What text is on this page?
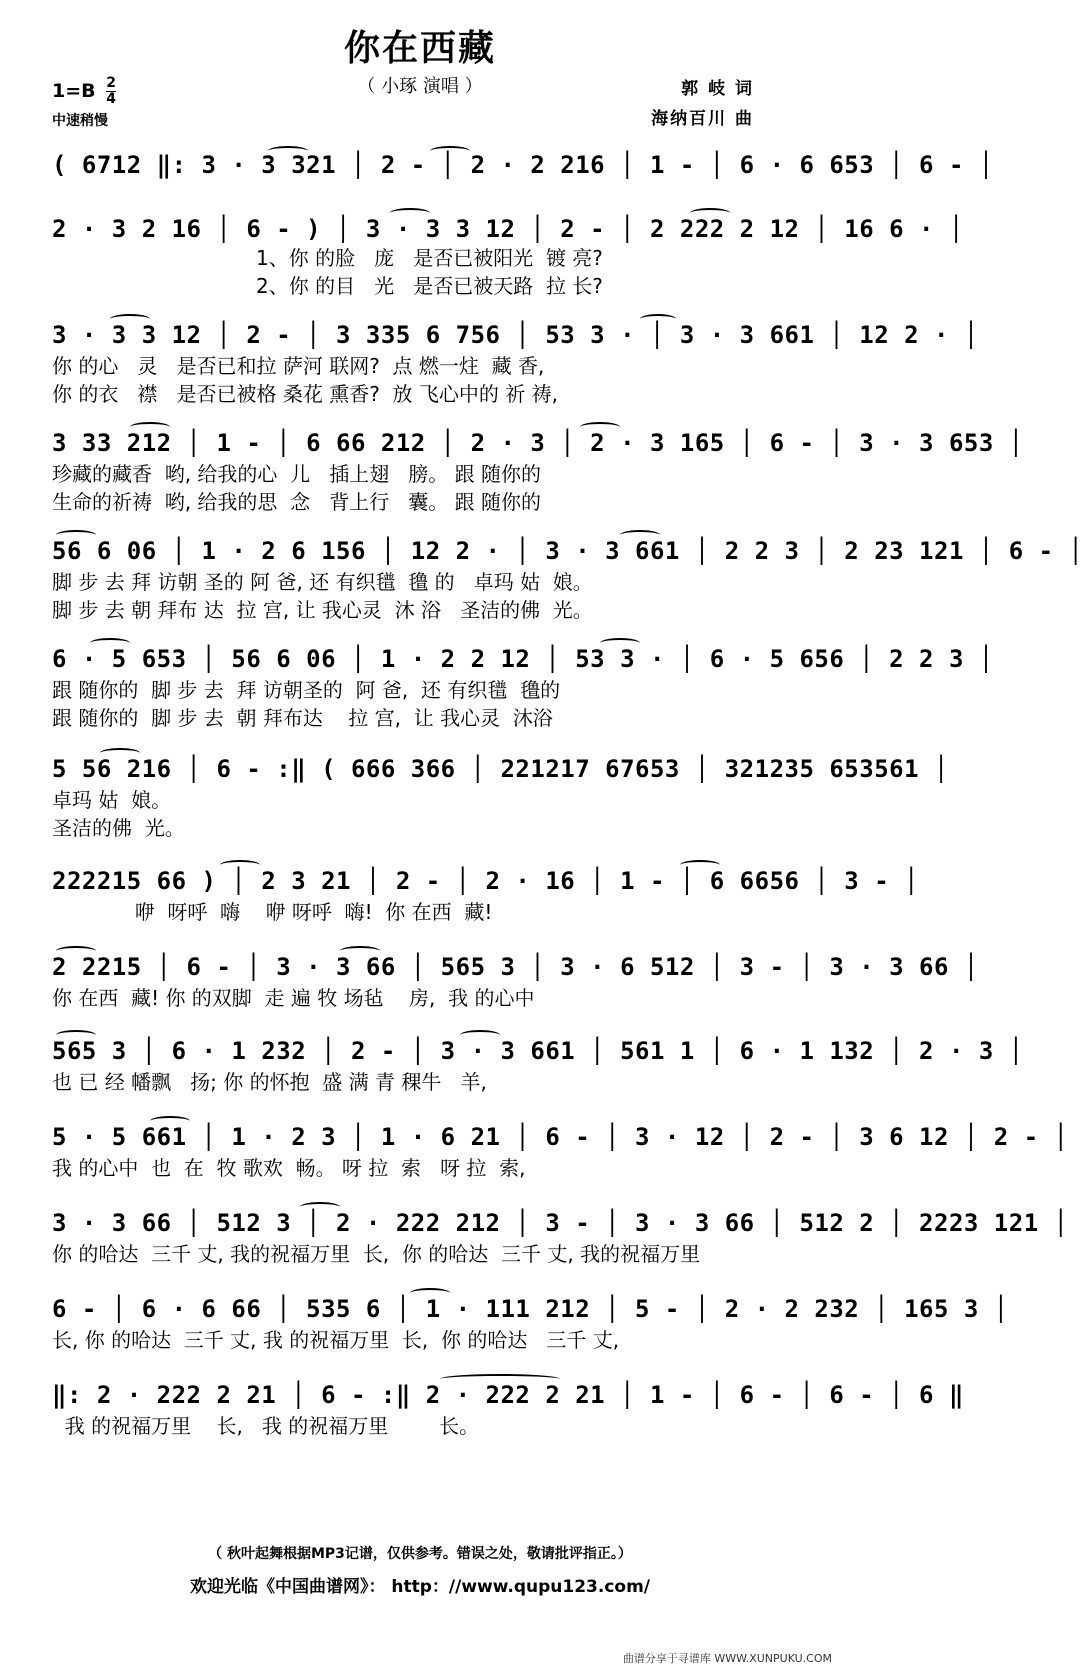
你在西藏
（ 小琢 演唱 ）
$1=B \frac{2}{4}$
中速稍慢
郭 岐 词
海纳百川 曲
( 6712 ‖: 3 · 3 321 │ 2 - │ 2 · 2 216 │ 1 - │ 6 · 6 653 │ 6 - │
2 · 3 2 16 │ 6 - ) │ 3 · 3 3 12 │ 2 - │ 2 222 2 12 │ 16 6 · │
1、你 的脸   庞   是否已被阳光  镀 亮?
2、你 的目   光   是否已被天路  拉 长?
3 · 3 3 12 │ 2 - │ 3 335 6 756 │ 53 3 · │ 3 · 3 661 │ 12 2 · │
你 的心   灵   是否已和拉 萨河 联网?  点 燃一炷  藏 香,
你 的衣   襟   是否已被格 桑花 熏香?  放 飞心中的 祈 祷,
3 33 212 │ 1 - │ 6 66 212 │ 2 · 3 │ 2 · 3 165 │ 6 - │ 3 · 3 653 │
珍藏的藏香  哟, 给我的心  儿   插上翅   膀。 跟 随你的
生命的祈祷  哟, 给我的思  念   背上行   囊。 跟 随你的
56 6 06 │ 1 · 2 6 156 │ 12 2 · │ 3 · 3 661 │ 2 2 3 │ 2 23 121 │ 6 - │
脚 步 去 拜 访朝 圣的 阿 爸, 还 有织氆  氇 的   卓玛 姑  娘。
脚 步 去 朝 拜布 达  拉 宫, 让 我心灵  沐 浴   圣洁的佛  光。
6 · 5 653 │ 56 6 06 │ 1 · 2 2 12 │ 53 3 · │ 6 · 5 656 │ 2 2 3 │
跟 随你的  脚 步 去  拜 访朝圣的  阿 爸,  还 有织氆  氇的
跟 随你的  脚 步 去  朝 拜布达    拉 宫,  让 我心灵  沐浴
5 56 216 │ 6 - :‖ ( 666 366 │ 221217 67653 │ 321235 653561 │
卓玛 姑  娘。
圣洁的佛  光。
222215 66 ) │ 2 3 21 │ 2 - │ 2 · 16 │ 1 - │ 6 6656 │ 3 - │
咿  呀呼  嗨    咿 呀呼  嗨!  你 在西  藏!
2 2215 │ 6 - │ 3 · 3 66 │ 565 3 │ 3 · 6 512 │ 3 - │ 3 · 3 66 │
你 在西  藏! 你 的双脚  走 遍 牧 场毡    房,  我 的心中
565 3 │ 6 · 1 232 │ 2 - │ 3 · 3 661 │ 561 1 │ 6 · 1 132 │ 2 · 3 │
也 已 经 幡飘   扬; 你 的怀抱  盛 满 青 稞牛   羊,
5 · 5 661 │ 1 · 2 3 │ 1 · 6 21 │ 6 - │ 3 · 12 │ 2 - │ 3 6 12 │ 2 - │
我 的心中  也  在  牧 歌欢  畅。 呀 拉  索   呀 拉  索,
3 · 3 66 │ 512 3 │ 2 · 222 212 │ 3 - │ 3 · 3 66 │ 512 2 │ 2223 121 │
你 的哈达  三千 丈, 我的祝福万里  长,  你 的哈达  三千 丈, 我的祝福万里
6 - │ 6 · 6 66 │ 535 6 │ 1 · 111 212 │ 5 - │ 2 · 2 232 │ 165 3 │
长, 你 的哈达  三千 丈, 我 的祝福万里  长,  你 的哈达   三千 丈,
‖: 2 · 222 2 21 │ 6 - :‖ 2 · 222 2 21 │ 1 - │ 6 - │ 6 - │ 6 ‖
我 的祝福万里    长,   我 的祝福万里        长。
（ 秋叶起舞根据MP3记谱，仅供参考。错误之处，敬请批评指正。）
欢迎光临《中国曲谱网》： http：//www.qupu123.com/
曲谱分享于寻谱库 WWW.XUNPUKU.COM
